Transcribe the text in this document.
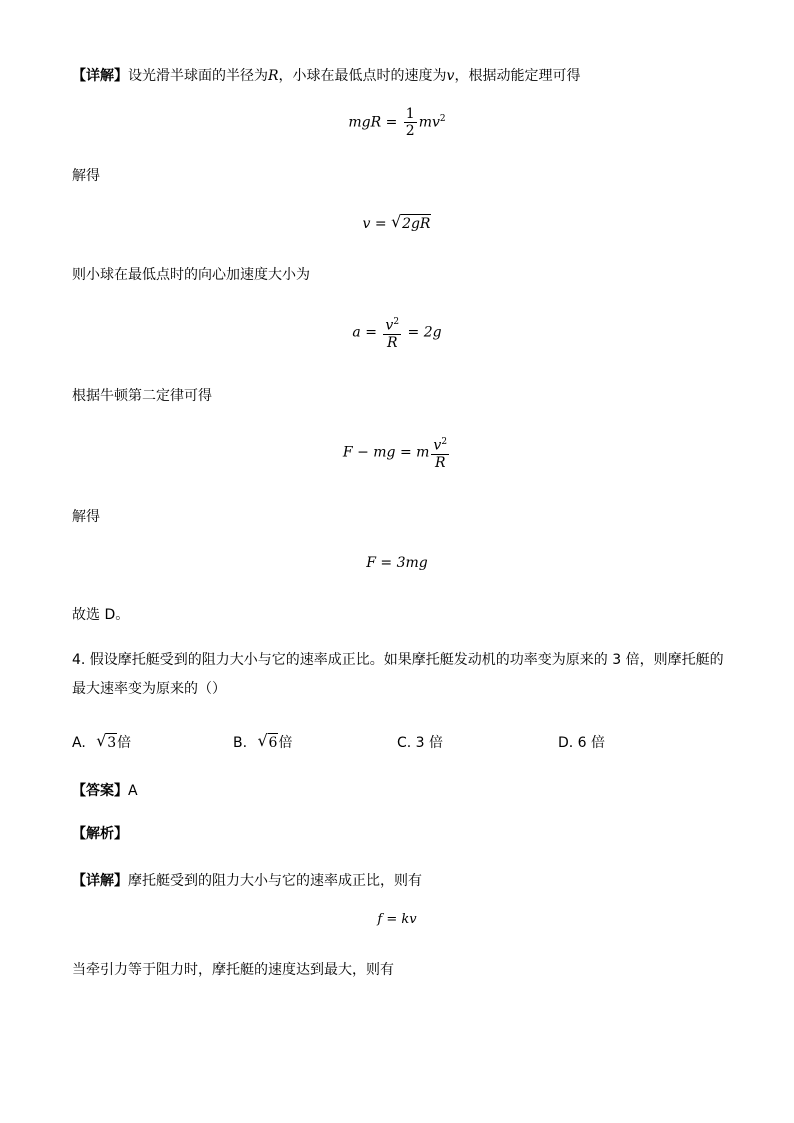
【详解】设光滑半球面的半径为R，小球在最低点时的速度为v，根据动能定理可得
mgR = $\frac{1}{2} mv^2$
解得
v = √ 2gR
则小球在最低点时的向心加速度大小为
$a = \frac{v^2}{R} = 2g$
根据牛顿第二定律可得
F − mg = m $\frac{v^2}{R}$
解得
F = 3mg
故选 D。
4. 假设摩托艇受到的阻力大小与它的速率成正比。如果摩托艇发动机的功率变为原来的 3 倍，则摩托艇的
最大速率变为原来的（）
A. √ 3倍	B. √ 6倍	C. 3 倍	D. 6 倍
【答案】A
【解析】
【详解】摩托艇受到的阻力大小与它的速率成正比，则有
f = kv
当牵引力等于阻力时，摩托艇的速度达到最大，则有
